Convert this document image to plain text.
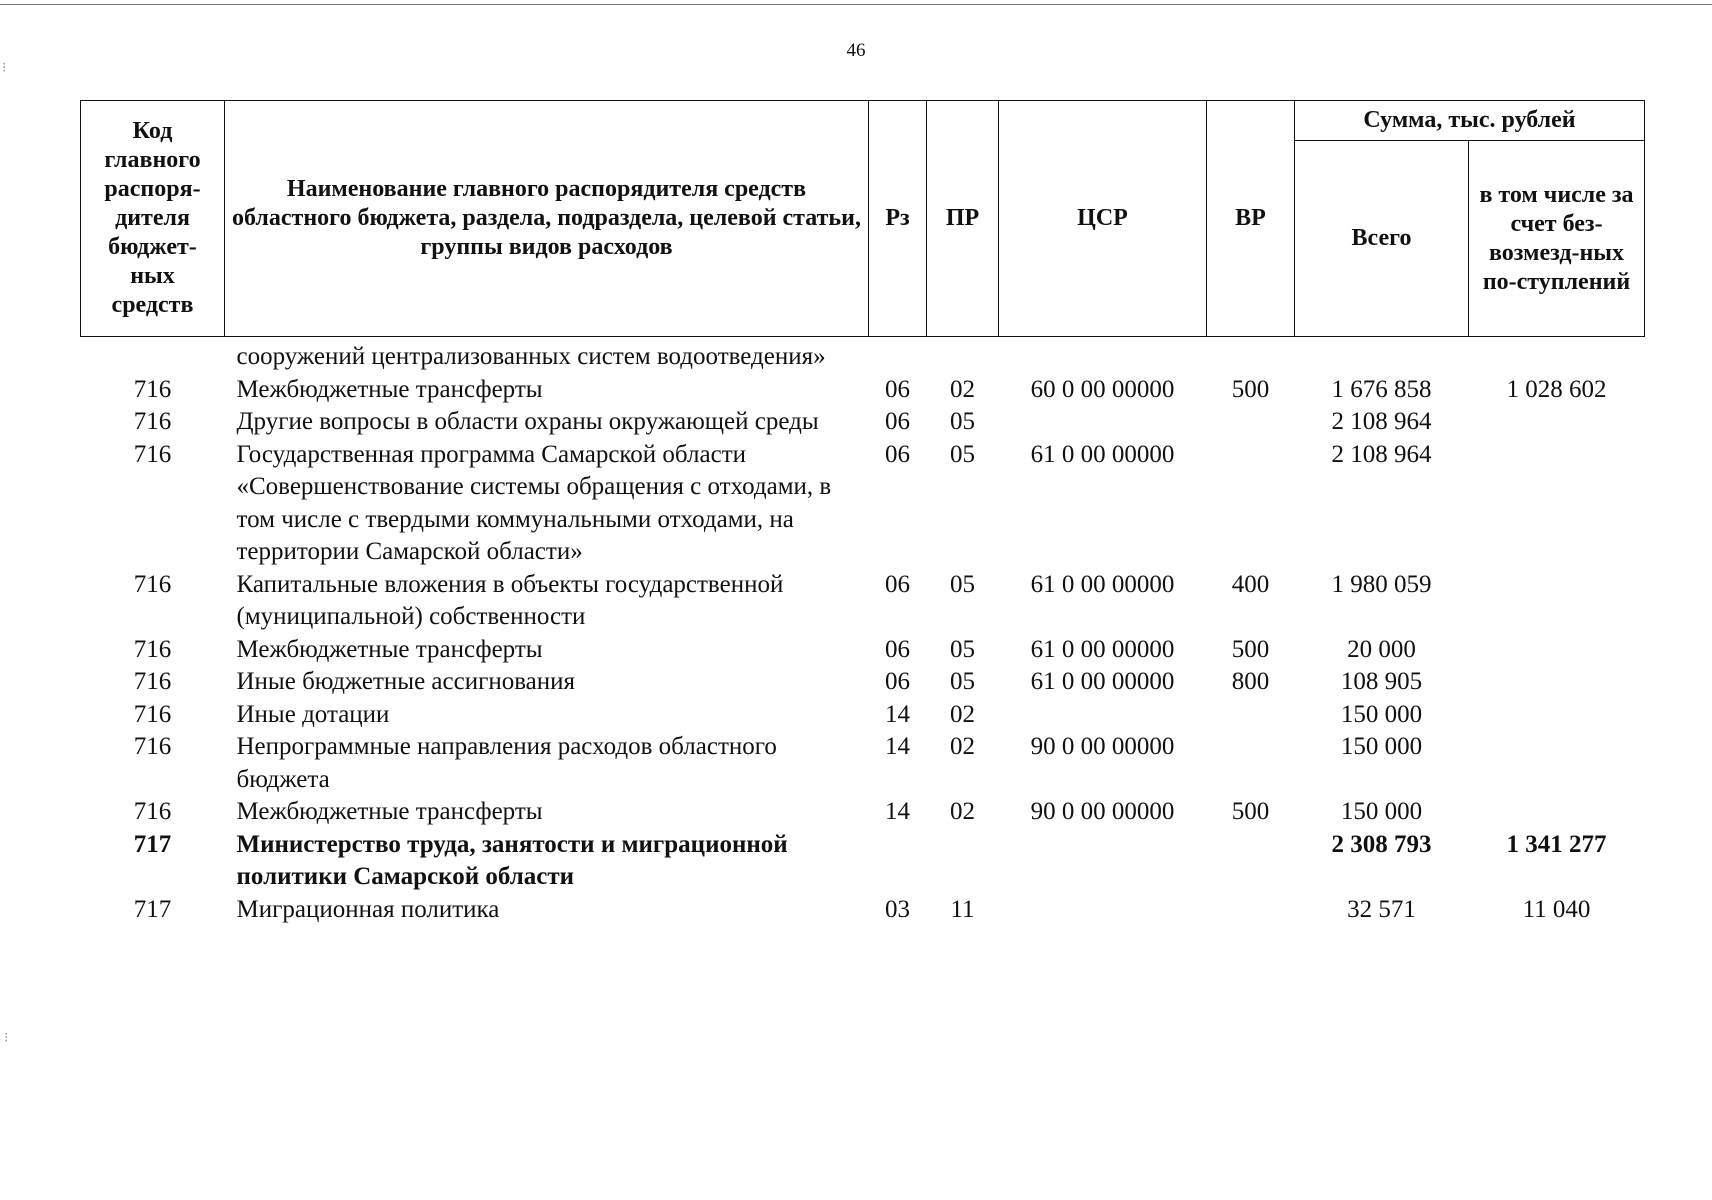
46
Код главного распоря-дителя бюджет-ных средств	Наименование главного распорядителя средств областного бюджета, раздела, подраздела, целевой статьи, группы видов расходов	Рз	ПР	ЦСР	ВР	Сумма, тыс. рублей	
						Всего	в том числе за счет без-возмезд-ных по-ступлений
	сооружений централизованных систем водоотведения»						
716	Межбюджетные трансферты	06	02	60 0 00 00000	500	1 676 858	1 028 602
716	Другие вопросы в области охраны окружающей среды	06	05			2 108 964	
716	Государственная программа Самарской области «Совершенствование системы обращения с отходами, в том числе с твердыми коммунальными отходами, на территории Самарской области»	06	05	61 0 00 00000		2 108 964	
716	Капитальные вложения в объекты государственной (муниципальной) собственности	06	05	61 0 00 00000	400	1 980 059	
716	Межбюджетные трансферты	06	05	61 0 00 00000	500	20 000	
716	Иные бюджетные ассигнования	06	05	61 0 00 00000	800	108 905	
716	Иные дотации	14	02			150 000	
716	Непрограммные направления расходов областного бюджета	14	02	90 0 00 00000		150 000	
716	Межбюджетные трансферты	14	02	90 0 00 00000	500	150 000	
717	Министерство труда, занятости и миграционной политики Самарской области					2 308 793	1 341 277
717	Миграционная политика	03	11			32 571	11 040
⁝
⁝
